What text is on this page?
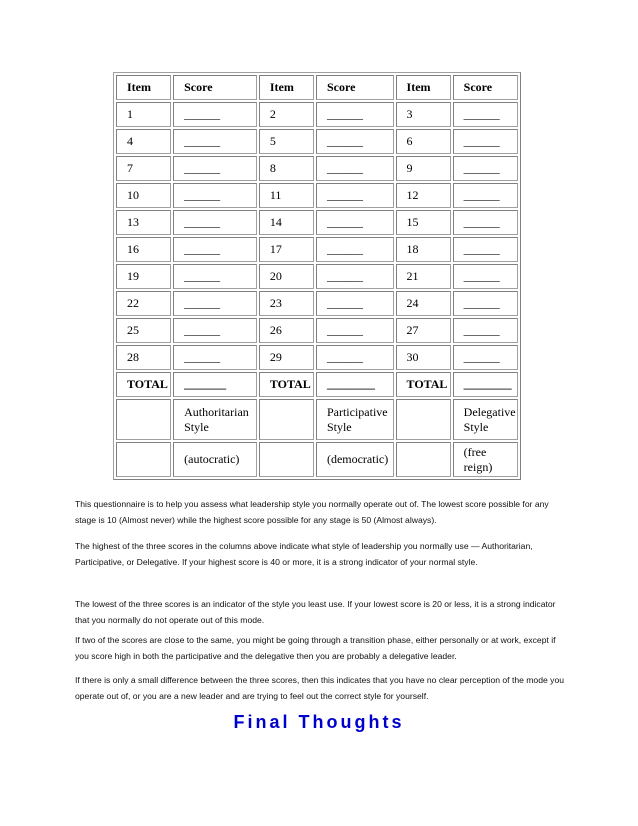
Item	Score	Item	Score	Item	Score
1	______	2	______	3	______
4	______	5	______	6	______
7	______	8	______	9	______
10	______	11	______	12	______
13	______	14	______	15	______
16	______	17	______	18	______
19	______	20	______	21	______
22	______	23	______	24	______
25	______	26	______	27	______
28	______	29	______	30	______
TOTAL	_______	TOTAL	________	TOTAL	________
	Authoritarian Style		Participative Style		Delegative Style
	(autocratic)		(democratic)		(free reign)

This questionnaire is to help you assess what leadership style you normally operate out of. The lowest score possible for any stage is 10 (Almost never) while the highest score possible for any stage is 50 (Almost always).

The highest of the three scores in the columns above indicate what style of leadership you normally use — Authoritarian, Participative, or Delegative. If your highest score is 40 or more, it is a strong indicator of your normal style.

The lowest of the three scores is an indicator of the style you least use. If your lowest score is 20 or less, it is a strong indicator that you normally do not operate out of this mode.

If two of the scores are close to the same, you might be going through a transition phase, either personally or at work, except if you score high in both the participative and the delegative then you are probably a delegative leader.

If there is only a small difference between the three scores, then this indicates that you have no clear perception of the mode you operate out of, or you are a new leader and are trying to feel out the correct style for yourself.

Final Thoughts
